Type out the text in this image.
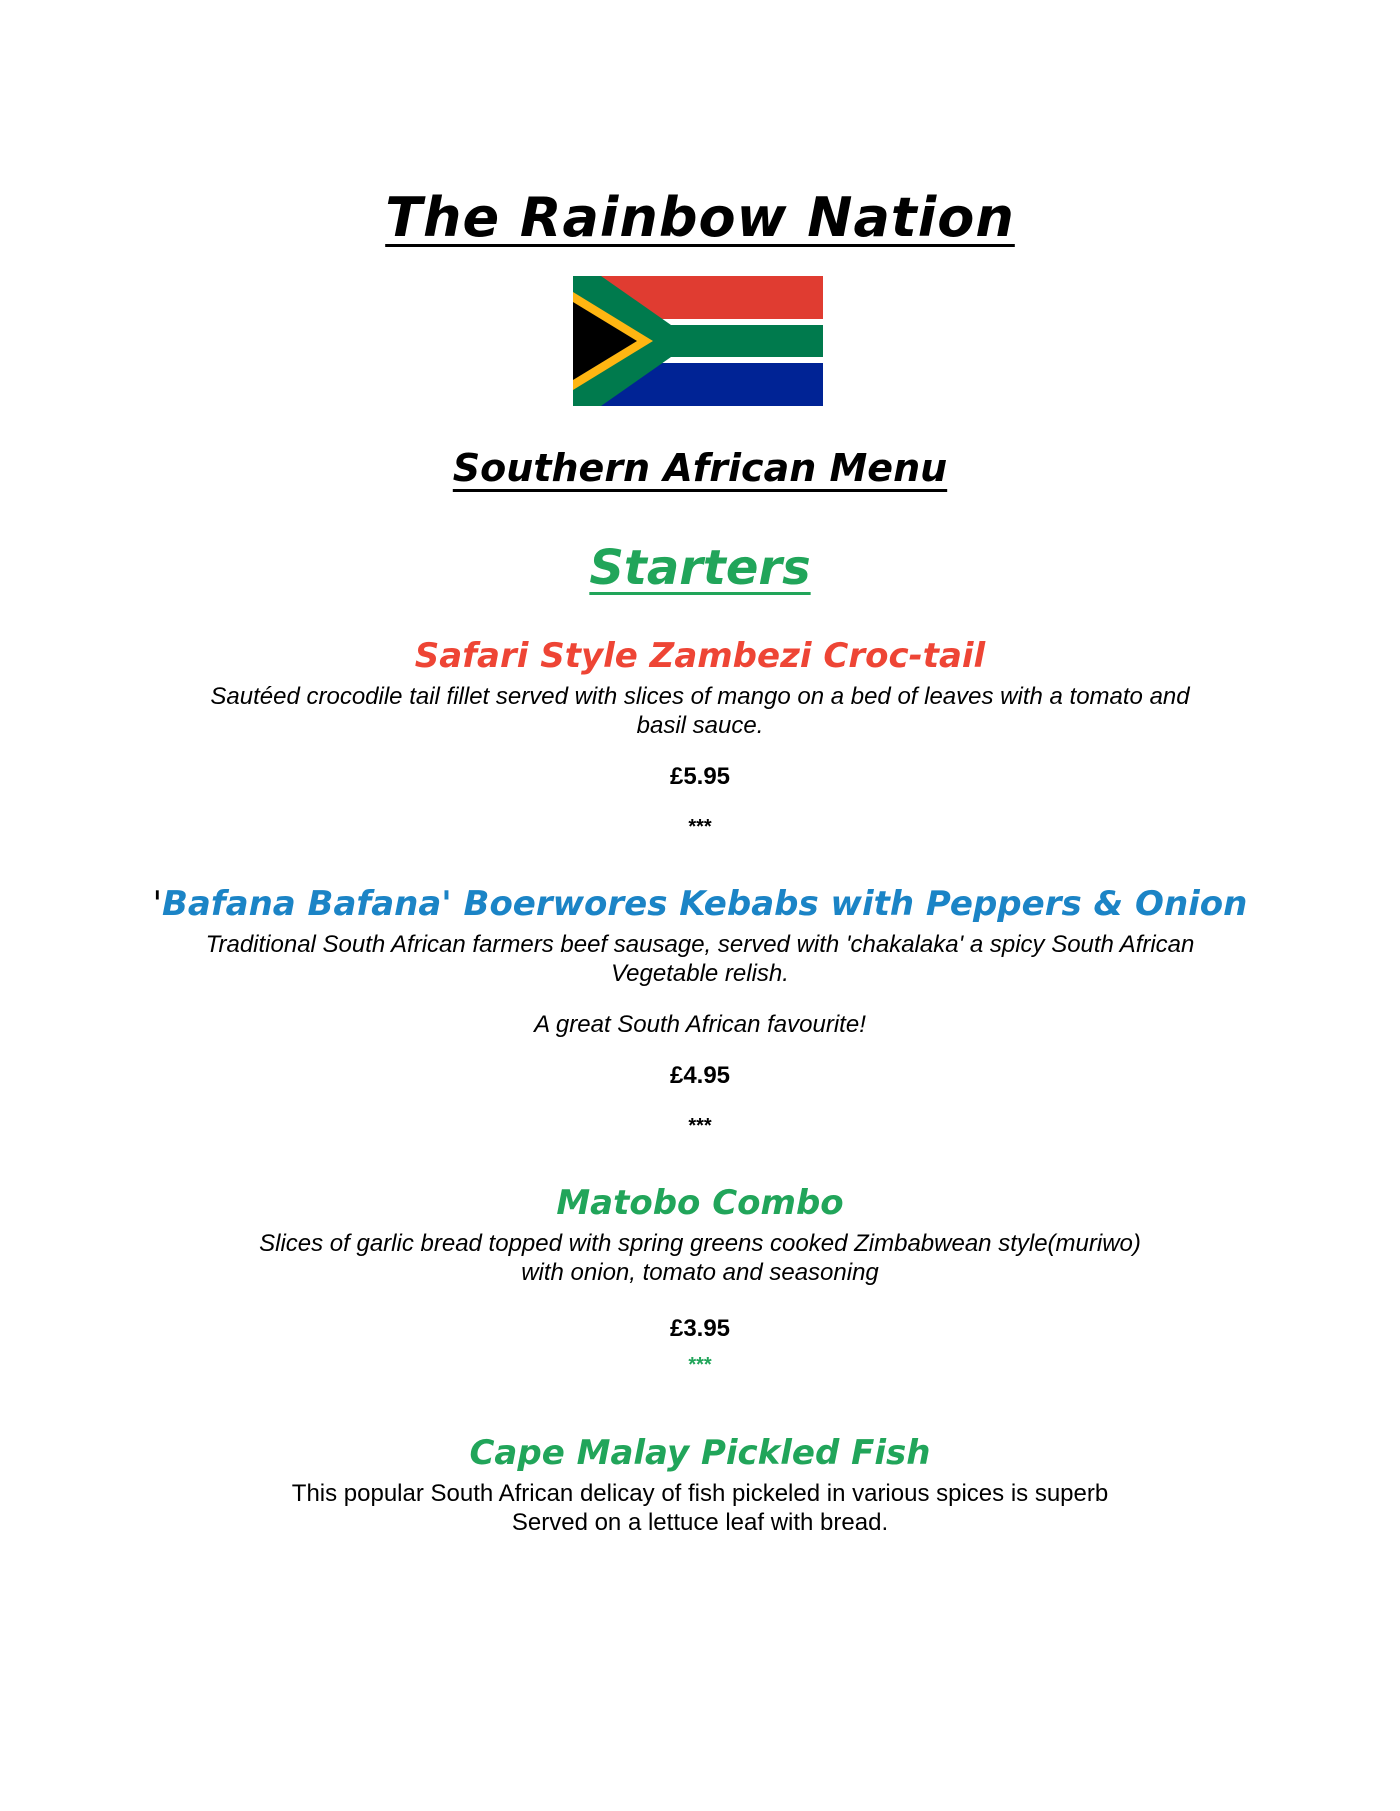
The Rainbow Nation
Southern African Menu
Starters
Safari Style Zambezi Croc-tail
Sautéed crocodile tail fillet served with slices of mango on a bed of leaves with a tomato and
basil sauce.
£5.95
***
'Bafana Bafana' Boerwores Kebabs with Peppers & Onion
Traditional South African farmers beef sausage, served with 'chakalaka' a spicy South African
Vegetable relish.
A great South African favourite!
£4.95
***
Matobo Combo
Slices of garlic bread topped with spring greens cooked Zimbabwean style(muriwo)
with onion, tomato and seasoning
£3.95
***
Cape Malay Pickled Fish
This popular South African delicay of fish pickeled in various spices is superb
Served on a lettuce leaf with bread.
